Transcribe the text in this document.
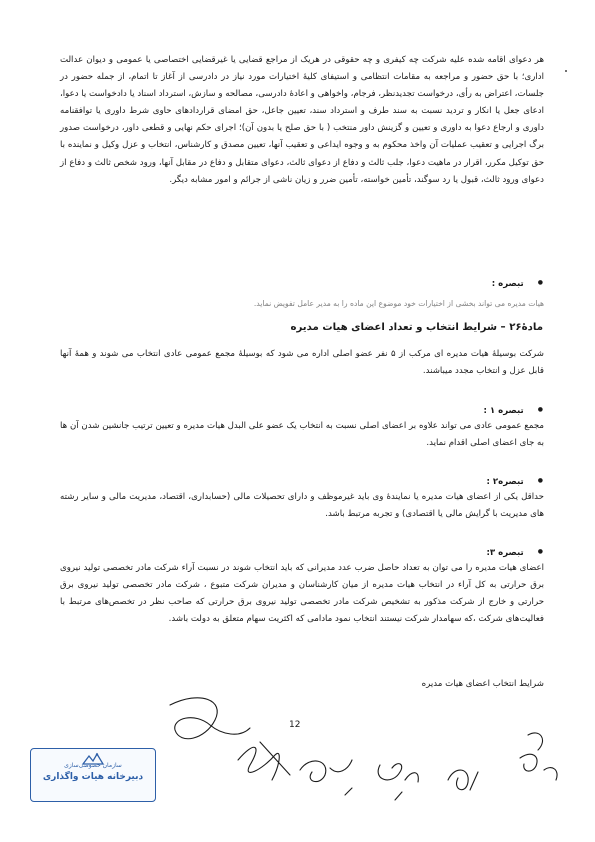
هر دعوای اقامه شده علیه شرکت چه کیفری و چه حقوقی در هریک از مراجع قضایی یا غیرقضایی اختصاصی یا عمومی و دیوان عدالت اداری؛ با حق حضور و مراجعه به مقامات انتظامی و استیفای کلیهٔ اختیارات مورد نیاز در دادرسی از آغاز تا اتمام، از جمله حضور در جلسات، اعتراض به رأی، درخواست تجدیدنظر، فرجام، واخواهی و اعادهٔ دادرسی، مصالحه و سازش، استرداد اسناد یا دادخواست یا دعوا، ادعای جعل یا انکار و تردید نسبت به سند طرف و استرداد سند، تعیین جاعل، حق امضای قراردادهای حاوی شرط داوری یا توافقنامه داوری و ارجاع دعوا به داوری و تعیین و گزینش داور منتخب ( با حق صلح یا بدون آن)؛ اجرای حکم نهایی و قطعی داور، درخواست صدور برگ اجرایی و تعقیب عملیات آن واخذ محکوم به و وجوه ایداعی و تعقیب آنها، تعیین مصدق و کارشناس، انتخاب و عزل وکیل و نماینده با حق توکیل مکرر، اقرار در ماهیت دعوا، جلب ثالث و دفاع از دعوای ثالث، دعوای متقابل و دفاع در مقابل آنها، ورود شخص ثالث و دفاع از دعوای ورود ثالث، قبول یا رد سوگند، تأمین خواسته، تأمین ضرر و زیان ناشی از جرائم و امور مشابه دیگر.

● تبصره :
هیات مدیره می تواند بخشی از اختیارات خود موضوع این ماده را به مدیر عامل تفویض نماید.
مادهٔ۲۶ – شرایط انتخاب و تعداد اعضای هیات مدیره

شرکت بوسیلهٔ هیات مدیره ای مرکب از ۵ نفر عضو اصلی اداره می شود که بوسیلهٔ مجمع عمومی عادی انتخاب می شوند و همهٔ آنها قابل عزل و انتخاب مجدد میباشند.

● تبصره ۱ :

مجمع عمومی عادی می تواند علاوه بر اعضای اصلی نسبت به انتخاب یک عضو علی البدل هیات مدیره و تعیین ترتیب جانشین شدن آن ها به جای اعضای اصلی اقدام نماید.

● تبصره۲ :

حداقل یکی از اعضای هیات مدیره یا نمایندهٔ وی باید غیرموظف و دارای تحصیلات مالی (حسابداری، اقتصاد، مدیریت مالی و سایر رشته های مدیریت با گرایش مالی یا اقتصادی) و تجربه مرتبط باشد.

● تبصره ۳:

اعضای هیات مدیره را می توان به تعداد حاصل ضرب عدد مدیرانی که باید انتخاب شوند در نسبت آراء شرکت مادر تخصصی تولید نیروی برق حرارتی به کل آراء در انتخاب هیات مدیره از میان کارشناسان و مدیران شرکت متبوع ، شرکت مادر تخصصی تولید نیروی برق حرارتی و خارج از شرکت مذکور به تشخیص شرکت مادر تخصصی تولید نیروی برق حرارتی که صاحب نظر در تخصص‌های مرتبط با فعالیت‌های شرکت ،که سهامدار شرکت نیستند انتخاب نمود مادامی که اکثریت سهام متعلق به دولت باشد.

شرایط انتخاب اعضای هیات مدیره

12
سازمان خصوصی‌سازی
دبیرخانه هیات واگذاری
